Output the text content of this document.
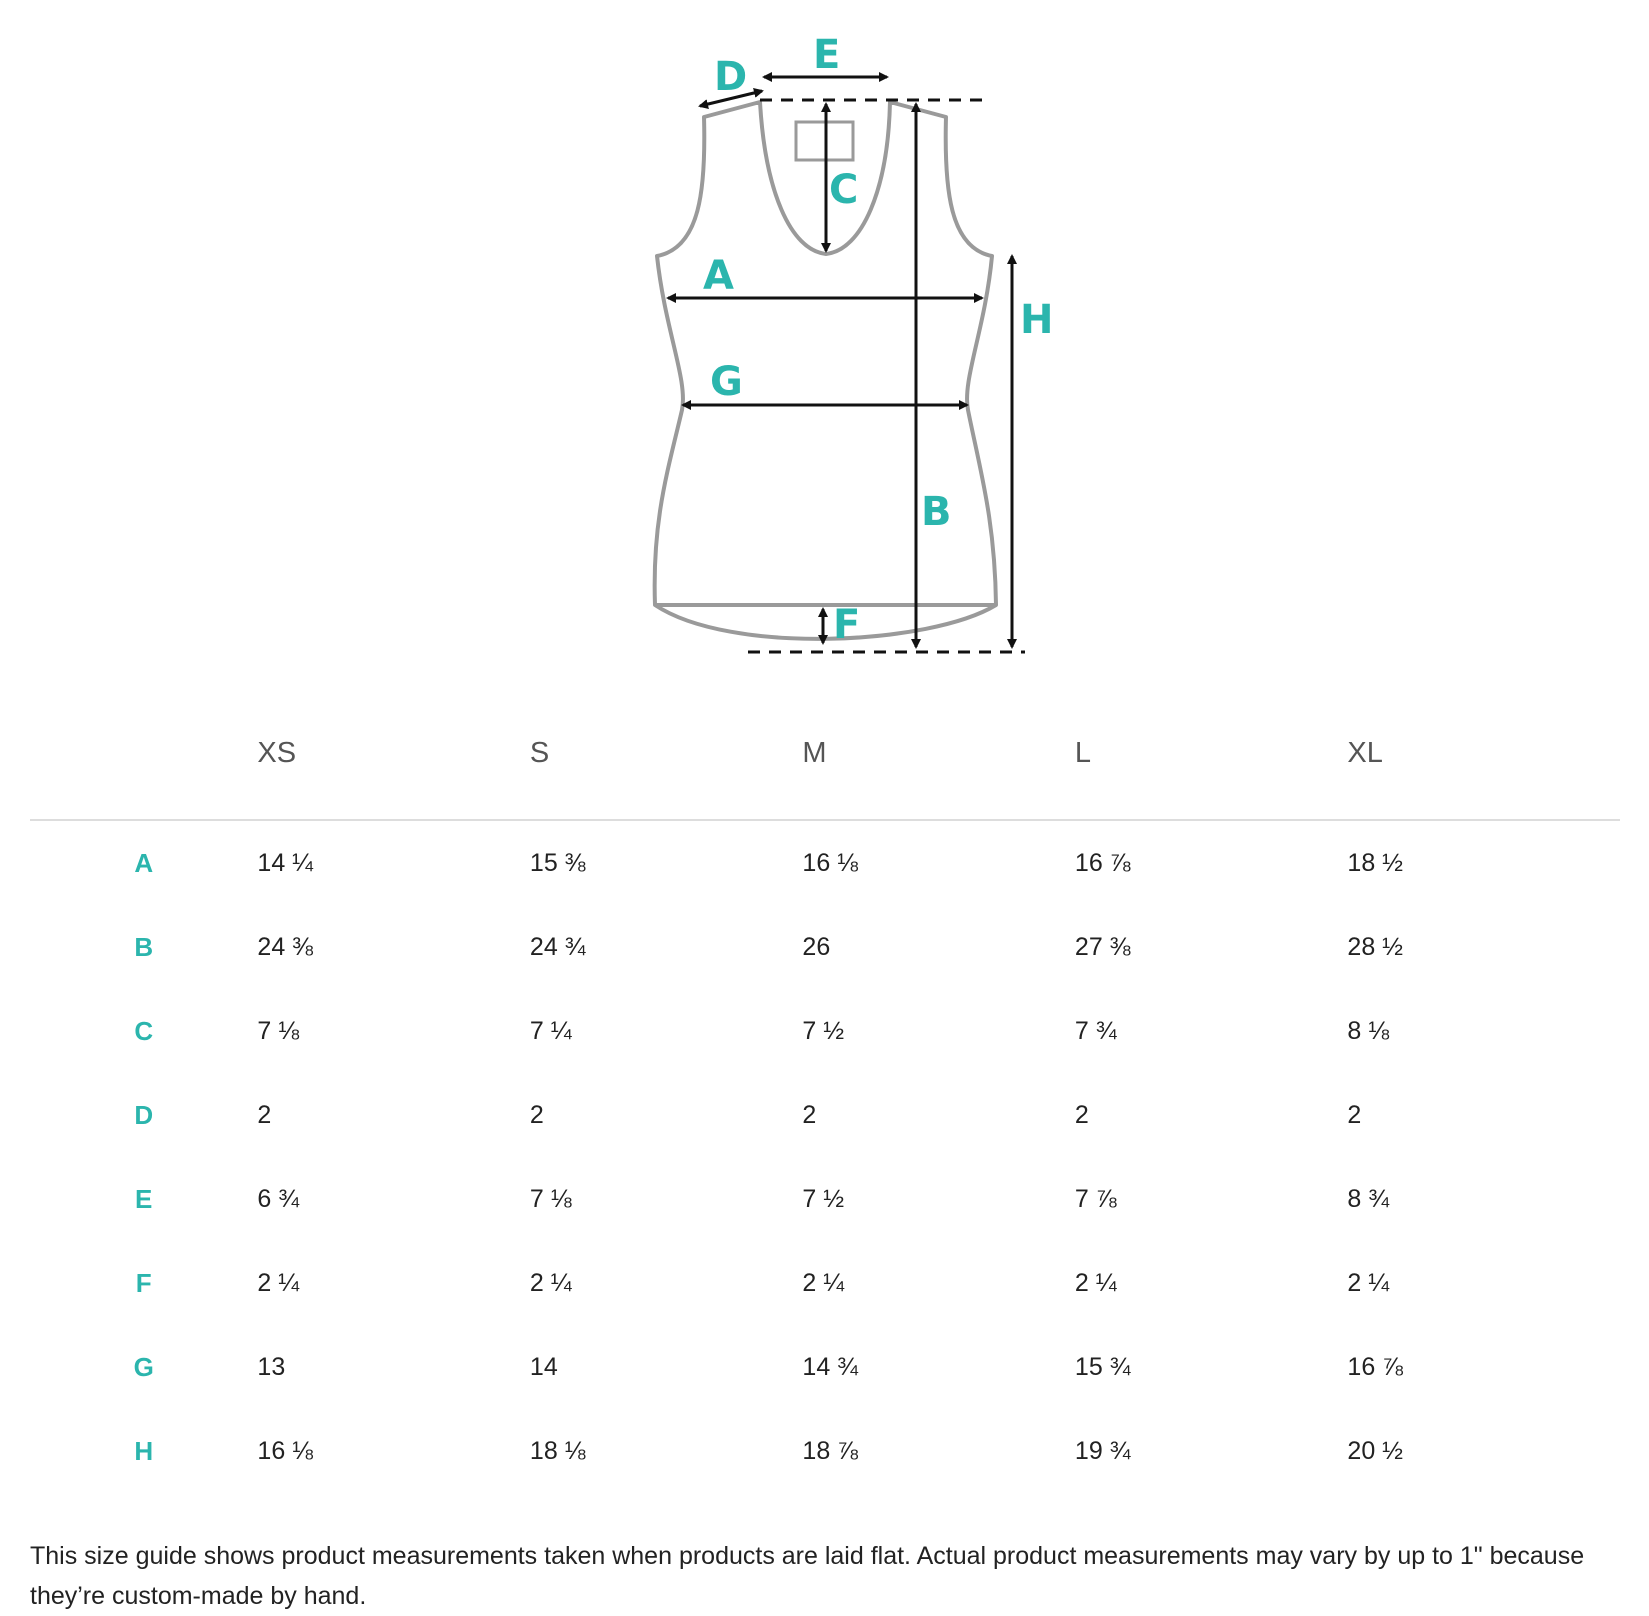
D E
C
A
G
B
H
F
	XS	S	M	L	XL
A	14 ¼	15 ⅜	16 ⅛	16 ⅞	18 ½
B	24 ⅜	24 ¾	26	27 ⅜	28 ½
C	7 ⅛	7 ¼	7 ½	7 ¾	8 ⅛
D	2	2	2	2	2
E	6 ¾	7 ⅛	7 ½	7 ⅞	8 ¾
F	2 ¼	2 ¼	2 ¼	2 ¼	2 ¼
G	13	14	14 ¾	15 ¾	16 ⅞
H	16 ⅛	18 ⅛	18 ⅞	19 ¾	20 ½

This size guide shows product measurements taken when products are laid flat. Actual product measurements may vary by up to 1" because they’re custom-made by hand.
